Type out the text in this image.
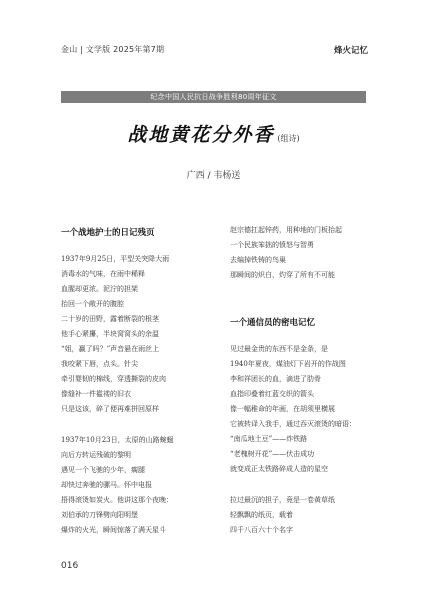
金山 | 文学版 2025年第7期	烽火记忆
纪念中国人民抗日战争胜利80周年征文
战地黄花分外香 (组诗)
广西 / 韦杨送
一个战地护士的日记残页
1937年9月25日，平型关突降大雨
消毒水的气味，在雨中稀释
血腥却更浓。泥泞的担架
抬回一个敞开的腹腔
二十岁的田野，露着断裂的根茎
他手心紧攥，半块窝窝头的余温
“姐，赢了吗？”声音悬在雨丝上
我咬紧下唇，点头。针尖
牵引婴韧的棉线，穿透撕裂的皮肉
像缝补一件褴褛的旧衣
只是这该，碎了便再难拼回原样
1937年10月23日，太原的山路蜿蜒
向后方转运残破的黎明
遇见一个飞驰的少年，瘸腿
却快过奔驰的骡马。怀中电报
捂得滚烫如炭火。他讲这那个夜晚：
刘伯承的刀锋劈向阳明堡
爆炸的火光，瞬间惊落了满天星斗
赵宗德扛起锌药，用种地的门板抬起
一个民族笨拙的愤怒与智勇
去编掉铁铸的鸟巢
那瞬间的炽白，灼穿了所有不可能
一个通信员的密电记忆
见过最金贵的东西不是金条，是
1940年夏夜，煤油灯下岩开的作战图
李和祥团长的血，滴进了肋骨
血指印叠着红蓝交织的箭头
像一幅稚命的年画，在胡须里横展
它被转译入我手，通过吞灭滚烫的暗语：
“南瓜地土豆”——炸铁路
“老槐树开花”——伏击成功
就变成正太铁路碎成人造的星空
拉过最沉的担子，竟是一卷黄草纸
轻飘飘的纸页，载着
四千八百六十个名字
016
